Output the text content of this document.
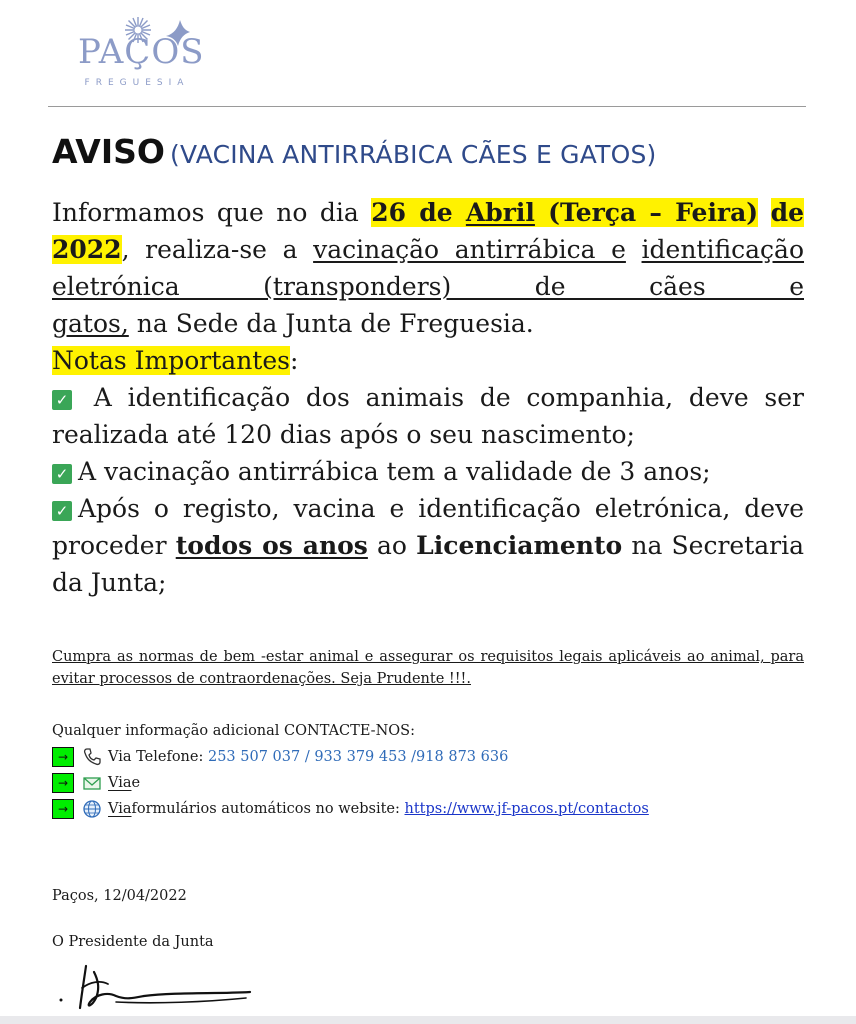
PAÇOS
FREGUESIA
AVISO (VACINA ANTIRRÁBICA CÃES E GATOS)
Informamos que no dia 26 de Abril (Terça – Feira) de 2022, realiza-se a vacinação antirrábica e identificação eletrónica (transponders) de cães e
gatos, na Sede da Junta de Freguesia.
Notas Importantes:
✓ A identificação dos animais de companhia, deve ser realizada até 120 dias após o seu nascimento;
✓ A vacinação antirrábica tem a validade de 3 anos;
✓ Após o registo, vacina e identificação eletrónica, deve proceder todos os anos ao Licenciamento na Secretaria da Junta;
Cumpra as normas de bem -estar animal e assegurar os requisitos legais aplicáveis ao animal, para evitar processos de contraordenações. Seja Prudente !!!.
Qualquer informação adicional CONTACTE-NOS:
→	Via Telefone:
253 507 037 / 933 379 453 /918 873 636
→	Via e
→	Via formulários automáticos no website:
https://www.jf-pacos.pt/contactos
Paços, 12/04/2022
O Presidente da Junta
